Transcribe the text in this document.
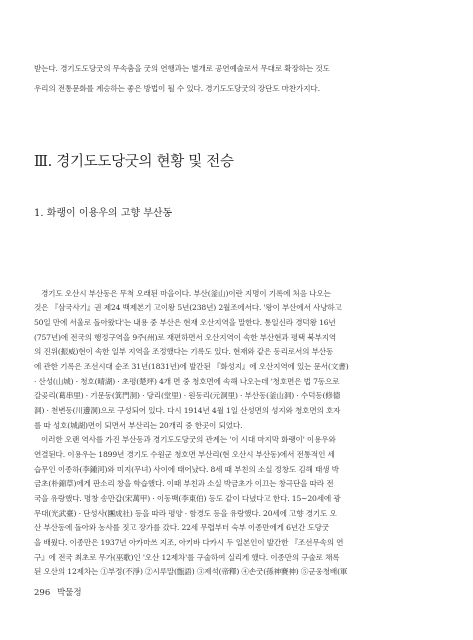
받는다. 경기도도당굿의 무속춤을 굿의 연행과는 별개로 공연예술로서 무대로 확장하는 것도
우리의 전통문화를 계승하는 좋은 방법이 될 수 있다. 경기도도당굿의 장단도 마찬가지다.
Ⅲ. 경기도도당굿의 현황 및 전승
1. 화랭이 이용우의 고향 부산동
경기도 오산시 부산동은 무척 오래된 마을이다. 부산(釜山)이란 지명이 기록에 처음 나오는
것은 『삼국사기』권 제24 백제본기 고이왕 5년(238년) 2월조에서다. '왕이 부산에서 사냥하고
50일 만에 서울로 돌아왔다'는 내용 중 부산은 현재 오산지역을 말한다. 통일신라 경덕왕 16년
(757년)에 전국의 행정구역을 9주(州)로 재편하면서 오산지역이 속한 부산현과 평택 북부지역
의 진위(振威)현이 속한 일부 지역을 조정했다는 기록도 있다. 현재와 같은 동리로서의 부산동
에 관한 기록은 조선시대 순조 31년(1831년)에 발간된 『화성지』에 오산지역에 있는 문서(文書)
· 산성(山城) · 청호(晴湖) · 초평(楚坪) 4개 면 중 청호면에 속해 나오는데 '청호면은 법 7동으로
갈곶리(葛串里) · 기문동(箕門洞) · 당리(堂里) · 원동리(元洞里) · 부산동(釜山洞) · 수덕동(修德
洞) · 천변동(川邊洞)으로 구성되어 있다. 다시 1914년 4월 1일 산성면의 성지와 청호면의 호자
를 따 성호(城湖)면이 되면서 부산리는 20개리 중 한곳이 되었다.
이러한 오랜 역사를 가진 부산동과 경기도도당굿의 관계는 '이 시대 마지막 화랭이' 이용우와
연결된다. 이용우는 1899년 경기도 수원군 청호면 부산리(현 오산시 부산동)에서 전통적인 세
습무인 이종하(李鍾河)와 미지(무녀) 사이에 태어났다. 8세 때 부친의 소실 정창도 김해 태생 박
금초(朴錦草)에게 판소리 창을 학습했다. 이때 부친과 소실 박금초가 이끄는 창극단을 따라 전
국을 유랑했다. 명창 송만갑(宋萬甲) · 이동백(李東伯) 등도 같이 다녔다고 한다. 15~20세에 광
무대(光武臺) · 단성사(團成社) 등을 따라 평양 · 함경도 등을 유랑했다. 20세에 고향 경기도 오
산 부산동에 돌아와 농사를 짓고 장가를 갔다. 22세 무렵부터 숙부 이종만에게 6년간 도당굿
을 배웠다. 이종만은 1937년 아카마쓰 지조, 아키바 다카시 두 일본인이 발간한 『조선무속의 연
구』에 전국 최초로 무가(巫歌)인 '오산 12제차'를 구술하여 실리게 했다. 이종만의 구술로 채록
된 오산의 12제차는 ①부정(不淨) ②시루말(甑語) ③제석(帝釋) ④손굿(孫神賽神) ⑤군웅청배(軍
296 박물정
